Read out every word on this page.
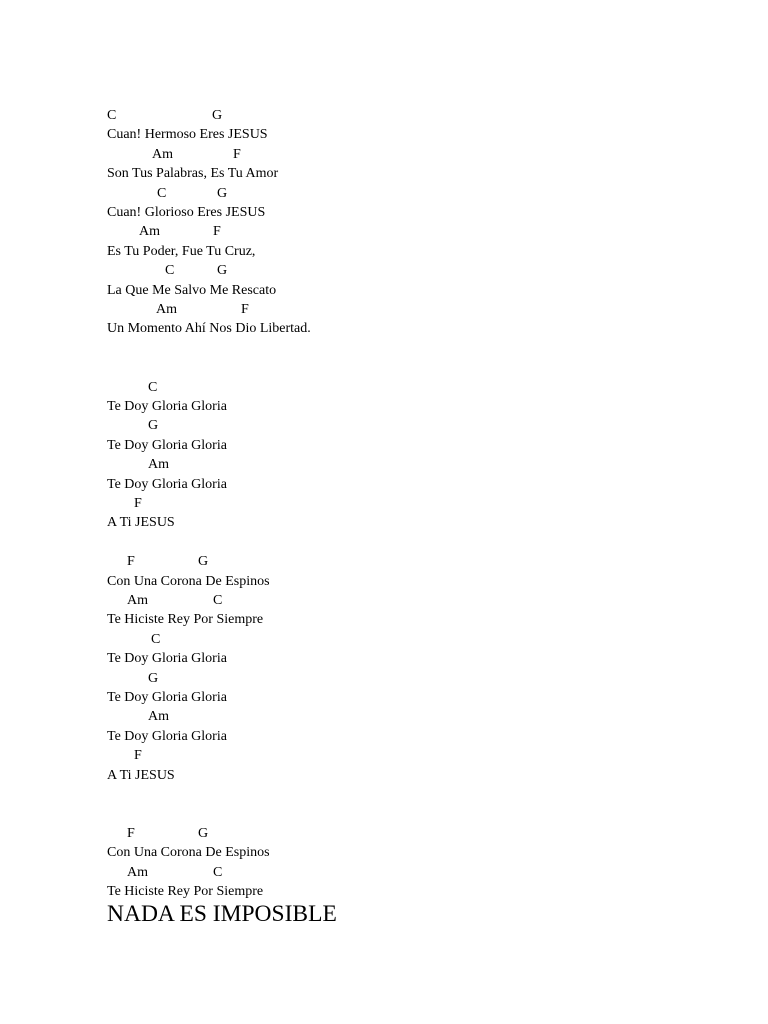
C	G
Cuan! Hermoso Eres JESUS
Am	F
Son Tus Palabras, Es Tu Amor
C	G
Cuan! Glorioso Eres JESUS
Am	F
Es Tu Poder, Fue Tu Cruz,
C	G
La Que Me Salvo Me Rescato
Am	F
Un Momento Ahí Nos Dio Libertad.
C
Te Doy Gloria Gloria
G
Te Doy Gloria Gloria
Am
Te Doy Gloria Gloria
F
A Ti JESUS
F	G
Con Una Corona De Espinos
Am	C
Te Hiciste Rey Por Siempre
C
Te Doy Gloria Gloria
G
Te Doy Gloria Gloria
Am
Te Doy Gloria Gloria
F
A Ti JESUS
F	G
Con Una Corona De Espinos
Am	C
Te Hiciste Rey Por Siempre
NADA ES IMPOSIBLE
